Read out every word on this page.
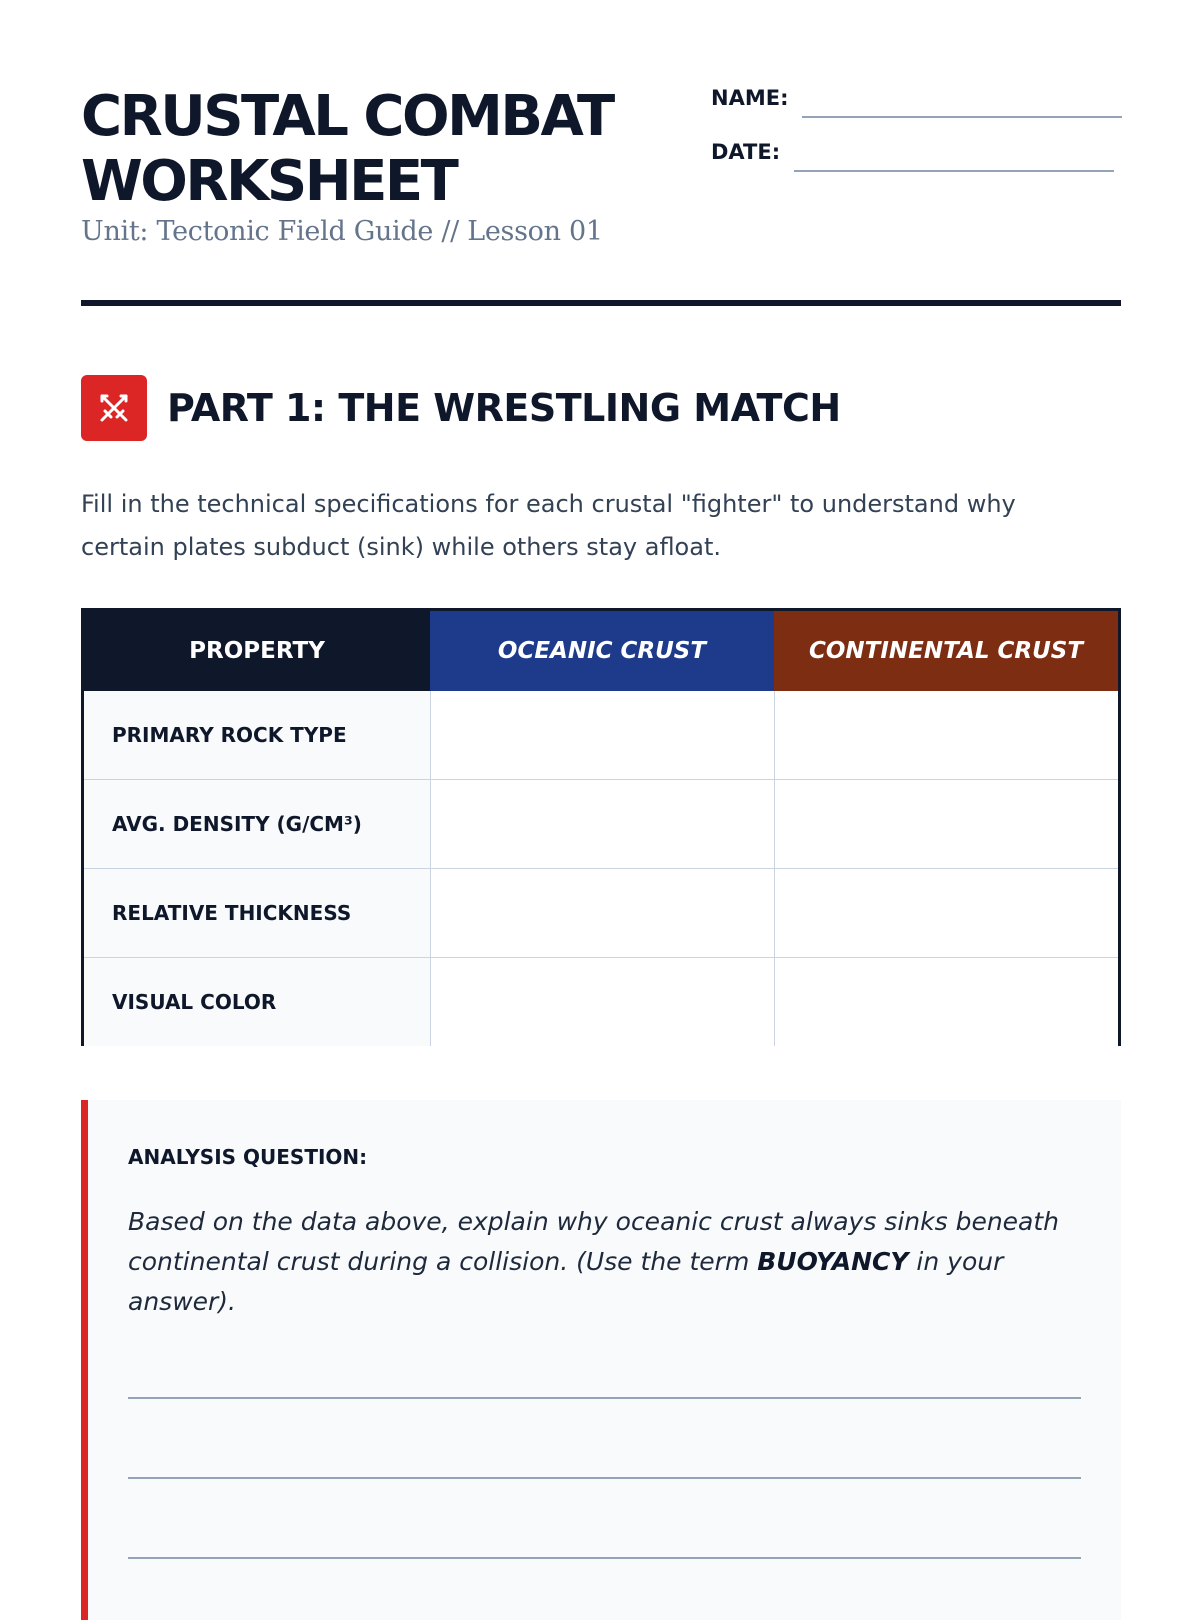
CRUSTAL COMBAT WORKSHEET
Unit: Tectonic Field Guide // Lesson 01
NAME:
DATE:
PART 1: THE WRESTLING MATCH

Fill in the technical specifications for each crustal "fighter" to understand why certain plates subduct (sink) while others stay afloat.

PROPERTY	OCEANIC CRUST	CONTINENTAL CRUST
PRIMARY ROCK TYPE		
AVG. DENSITY (G/CM³)		
RELATIVE THICKNESS		
VISUAL COLOR		
ANALYSIS QUESTION:

Based on the data above, explain why oceanic crust always sinks beneath continental crust during a collision. (Use the term BUOYANCY in your answer).
